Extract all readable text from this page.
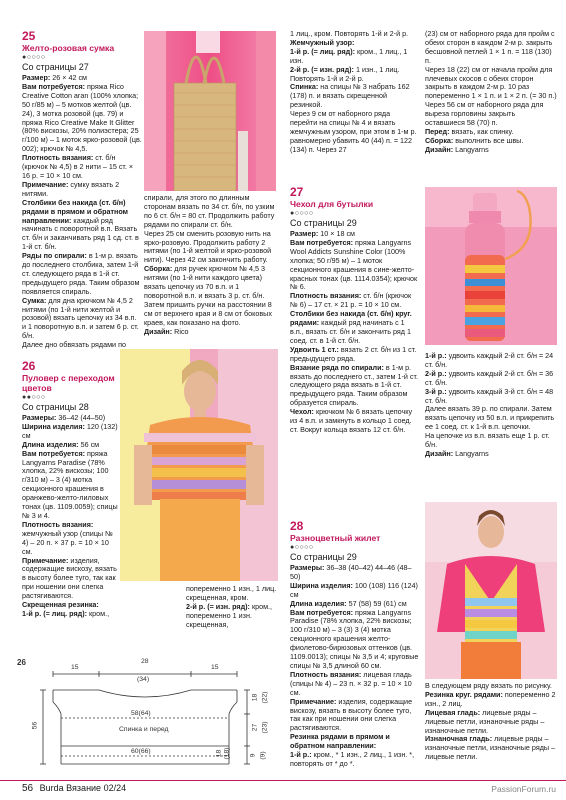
25
Желто-розовая сумка
●○○○○
Со страницы 27

Размер: 26 × 42 см

Вам потребуется: пряжа Rico Creative Cotton aran (100% хлопка; 50 г/85 м) – 5 мотков желтой (цв. 24), 3 мотка розовой (цв. 79) и пряжа Rico Creative Make It Glitter (80% вискозы, 20% полиэстера; 25 г/100 м) – 1 моток ярко-розовой (цв. 002); крючок № 4,5.

Плотность вязания: ст. б/н (крючок № 4,5) в 2 нити – 15 ст. × 16 р. = 10 × 10 см.

Примечание: сумку вязать 2 нитями.

Столбики без накида (ст. б/н) рядами в прямом и обратном направлении: каждый ряд начинать с поворотной в.п. Вязать ст. б/н и заканчивать ряд 1 сд. ст. в 1-й ст. б/н.

Ряды по спирали: в 1-м р. вязать до последнего столбика, затем 1-й ст. следующего ряда в 1-й ст. предыдущего ряда. Таким образом появляется спираль.

Сумка: для дна крючком № 4,5 2 нитями (по 1-й нити желтой и розовой) вязать цепочку из 34 в.п. и 1 поворотную в.п. и затем 6 р. ст. б/н.

Далее дно обвязать рядами по

спирали, для этого по длинным сторонам вязать по 34 ст. б/н, по узким по 6 ст. б/н = 80 ст. Продолжить работу рядами по спирали ст. б/н.

Через 25 см сменить розовую нить на ярко-розовую. Продолжить работу 2 нитями (по 1-й желтой и ярко-розовой нити). Через 42 см закончить работу.

Сборка: для ручек крючком № 4,5 3 нитями (по 1-й нити каждого цвета) вязать цепочку из 70 в.п. и 1 поворотной в.п. и вязать 3 р. ст. б/н.

Затем пришить ручки на расстоянии 8 см от верхнего края и 8 см от боковых краев, как показано на фото.

Дизайн: Rico

26
Пуловер с переходом цветов
●●○○○
Со страницы 28

Размеры: 36–42 (44–50)

Ширина изделия: 120 (132) см

Длина изделия: 56 см

Вам потребуется: пряжа Langyarns Paradise (78% хлопка, 22% вискозы; 100 г/310 м) – 3 (4) мотка секционного крашения в оранжево-желто-лиловых тонах (цв. 1109.0059); спицы № 3 и 4.

Плотность вязания: жемчужный узор (спицы № 4) – 20 п. × 37 р. = 10 × 10 см.

Примечание: изделия, содержащие вискозу, вязать в высоту более туго, так как при ношении они слегка растягиваются.

Скрещенная резинка:

1-й р. (= лиц. ряд): кром.,

попеременно 1 изн., 1 лиц. скрещенная, кром.

2-й р. (= изн. ряд): кром., попеременно 1 изн. скрещенная,

1 лиц., кром. Повторять 1-й и 2-й р.

Жемчужный узор:

1-й р. (= лиц. ряд): кром., 1 лиц., 1 изн.

2-й р. (= изн. ряд): 1 изн., 1 лиц. Повторять 1-й и 2-й р.

Спинка: на спицы № 3 набрать 162 (178) п. и вязать скрещенной резинкой.

Через 9 см от наборного ряда перейти на спицы № 4 и вязать жемчужным узором, при этом в 1-м р. равномерно убавить 40 (44) п. = 122 (134) п. Через 27

(23) см от наборного ряда для пройм с обеих сторон в каждом 2-м р. закрыть бесшовной петлей 1 × 1 п. = 118 (130) п.

Через 18 (22) см от начала пройм для плечевых скосов с обеих сторон закрыть в каждом 2-м р. 10 раз попеременно 1 × 1 п. и 1 × 2 п. (= 30 п.)

Через 56 см от наборного ряда для выреза горловины закрыть оставшиеся 58 (70) п.

Перед: вязать, как спинку.

Сборка: выполнить все швы.

Дизайн: Langyarns

27
Чехол для бутылки
●○○○○
Со страницы 29

Размер: 10 × 18 см

Вам потребуется: пряжа Langyarns Wool Addicts Sunshine Color (100% хлопка; 50 г/95 м) – 1 моток секционного крашения в сине-желто-красных тонах (цв. 1114.0354); крючок № 6.

Плотность вязания: ст. б/н (крючок № 6) – 17 ст. × 21 р. = 10 × 10 см.

Столбики без накида (ст. б/н) круг. рядами: каждый ряд начинать с 1 в.п., вязать ст. б/н и закончить ряд 1 соед. ст. в 1-й ст. б/н.

Удвоить 1 ст.: вязать 2 ст. б/н из 1 ст. предыдущего ряда.

Вязание ряда по спирали: в 1-м р. вязать до последнего ст., затем 1-й ст. следующего ряда вязать в 1-й ст. предыдущего ряда. Таким образом образуется спираль.

Чехол: крючком № 6 вязать цепочку из 4 в.п. и замкнуть в кольцо 1 соед. ст. Вокруг кольца вязать 12 ст. б/н.

1-й р.: удвоить каждый 2-й ст. б/н = 24 ст. б/н.

2-й р.: удвоить каждый 2-й ст. б/н = 36 ст. б/н.

3-й р.: удвоить каждый 3-й ст. б/н = 48 ст. б/н.

Далее вязать 39 р. по спирали. Затем вязать цепочку из 50 в.п. и прикрепить ее 1 соед. ст. к 1-й в.п. цепочки.

На цепочке из в.п. вязать еще 1 р. ст. б/н.

Дизайн: Langyarns

28
Разноцветный жилет
●○○○○
Со страницы 29

Размеры: 36–38 (40–42) 44–46 (48–50)

Ширина изделия: 100 (108) 116 (124) см

Длина изделия: 57 (58) 59 (61) см

Вам потребуется: пряжа Langyarns Paradise (78% хлопка, 22% вискозы; 100 г/310 м) – 3 (3) 3 (4) мотка секционного крашения желто-фиолетово-бирюзовых оттенков (цв. 1109.0013); спицы № 3,5 и 4; круговые спицы № 3,5 длиной 60 см.

Плотность вязания: лицевая гладь (спицы № 4) – 23 п. × 32 р. = 10 × 10 см.

Примечание: изделия, содержащие вискозу, вязать в высоту более туго, так как при ношении они слегка растягиваются.

Резинка рядами в прямом и обратном направлении:

1-й р.: кром., * 1 изн., 2 лиц., 1 изн. *, повторять от * до *.

В следующем ряду вязать по рисунку.

Резинка круг. рядами: попеременно 2 изн., 2 лиц.

Лицевая гладь: лицевые ряды – лицевые петли, изнаночные ряды – изнаночные петли.

Изнаночная гладь: лицевые ряды – изнаночные петли, изнаночные ряды – лицевые петли.

26
15
28
(34)
15
58(64)
Спинка и перед
60(66)
56
18 (22)
27 (23)
18 (18)	9 (9)
56 Burda Вязание 02/24	PassionForum.ru
